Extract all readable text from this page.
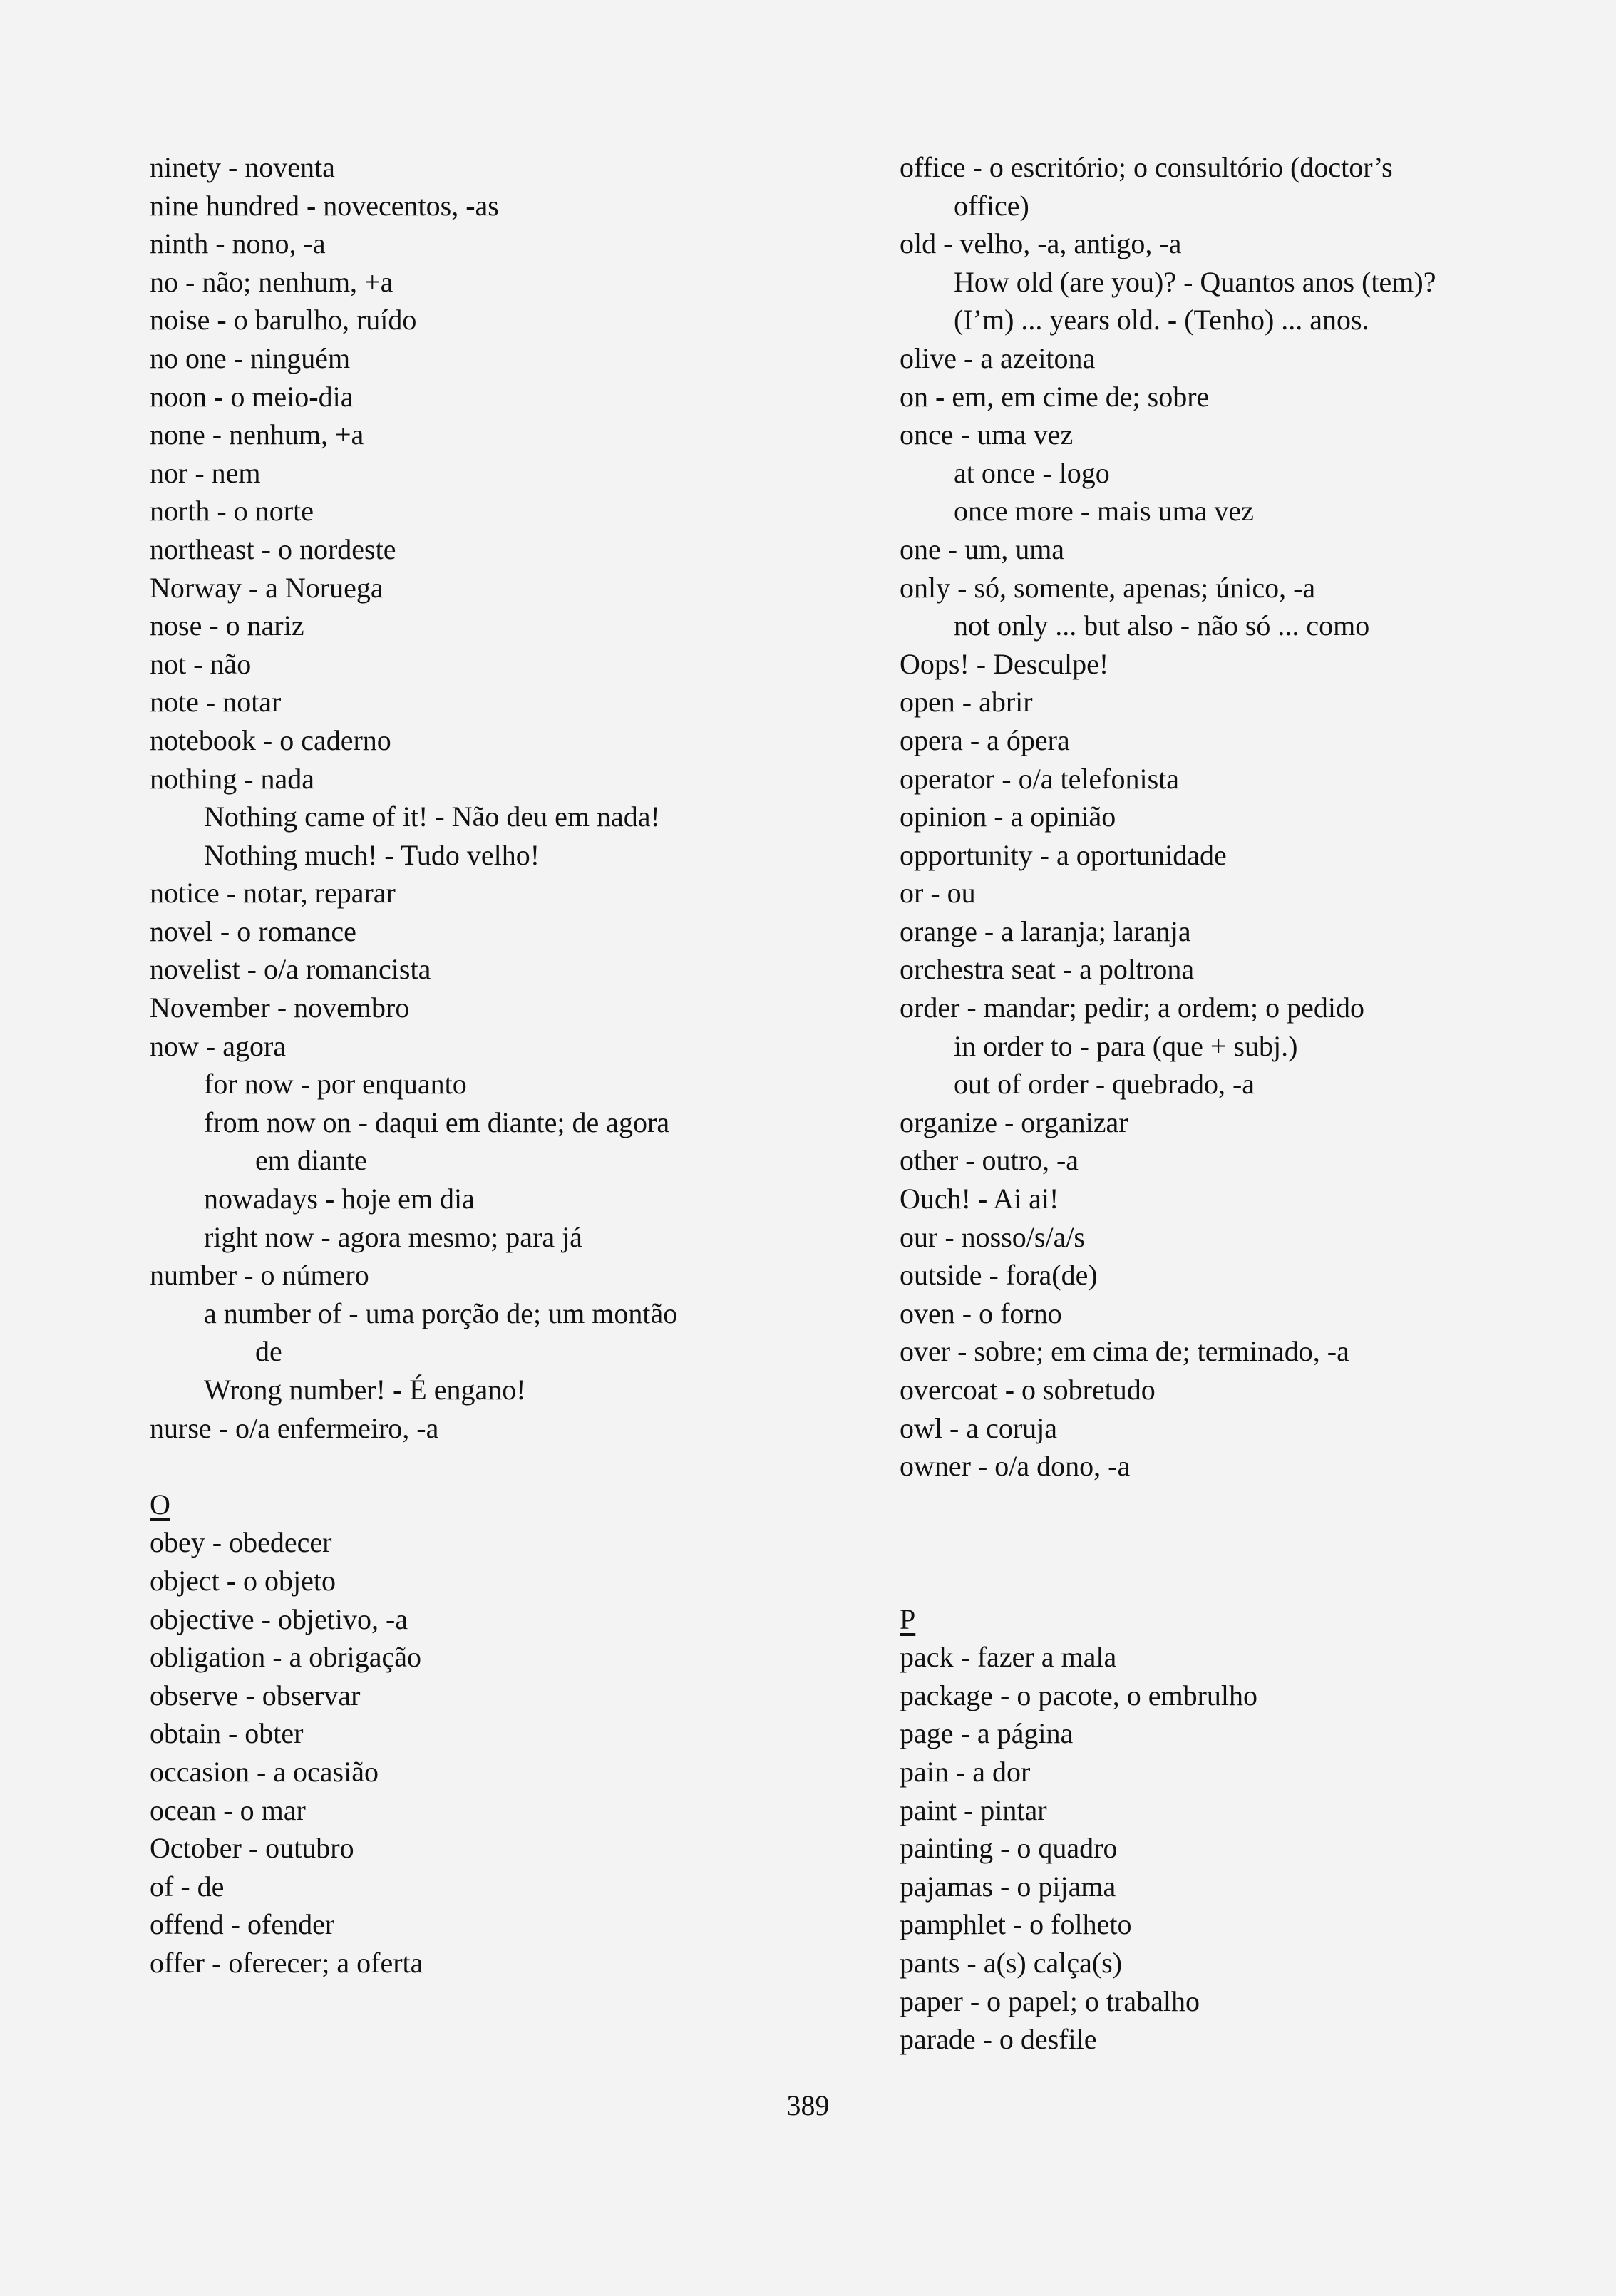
ninety - noventa
nine hundred - novecentos, -as
ninth - nono, -a
no - não; nenhum, +a
noise - o barulho, ruído
no one - ninguém
noon - o meio-dia
none - nenhum, +a
nor - nem
north - o norte
northeast - o nordeste
Norway - a Noruega
nose - o nariz
not - não
note - notar
notebook - o caderno
nothing - nada
Nothing came of it! - Não deu em nada!
Nothing much! - Tudo velho!
notice - notar, reparar
novel - o romance
novelist - o/a romancista
November - novembro
now - agora
for now - por enquanto
from now on - daqui em diante; de agora
em diante
nowadays - hoje em dia
right now - agora mesmo; para já
number - o número
a number of - uma porção de; um montão
de
Wrong number! - É engano!
nurse - o/a enfermeiro, -a
O
obey - obedecer
object - o objeto
objective - objetivo, -a
obligation - a obrigação
observe - observar
obtain - obter
occasion - a ocasião
ocean - o mar
October - outubro
of - de
offend - ofender
offer - oferecer; a oferta
office - o escritório; o consultório (doctor’s
office)
old - velho, -a, antigo, -a
How old (are you)? - Quantos anos (tem)?
(I’m) ... years old. - (Tenho) ... anos.
olive - a azeitona
on - em, em cime de; sobre
once - uma vez
at once - logo
once more - mais uma vez
one - um, uma
only - só, somente, apenas; único, -a
not only ... but also - não só ... como
Oops! - Desculpe!
open - abrir
opera - a ópera
operator - o/a telefonista
opinion - a opinião
opportunity - a oportunidade
or - ou
orange - a laranja; laranja
orchestra seat - a poltrona
order - mandar; pedir; a ordem; o pedido
in order to - para (que + subj.)
out of order - quebrado, -a
organize - organizar
other - outro, -a
Ouch! - Ai ai!
our - nosso/s/a/s
outside - fora(de)
oven - o forno
over - sobre; em cima de; terminado, -a
overcoat - o sobretudo
owl - a coruja
owner - o/a dono, -a
P
pack - fazer a mala
package - o pacote, o embrulho
page - a página
pain - a dor
paint - pintar
painting - o quadro
pajamas - o pijama
pamphlet - o folheto
pants - a(s) calça(s)
paper - o papel; o trabalho
parade - o desfile
389
